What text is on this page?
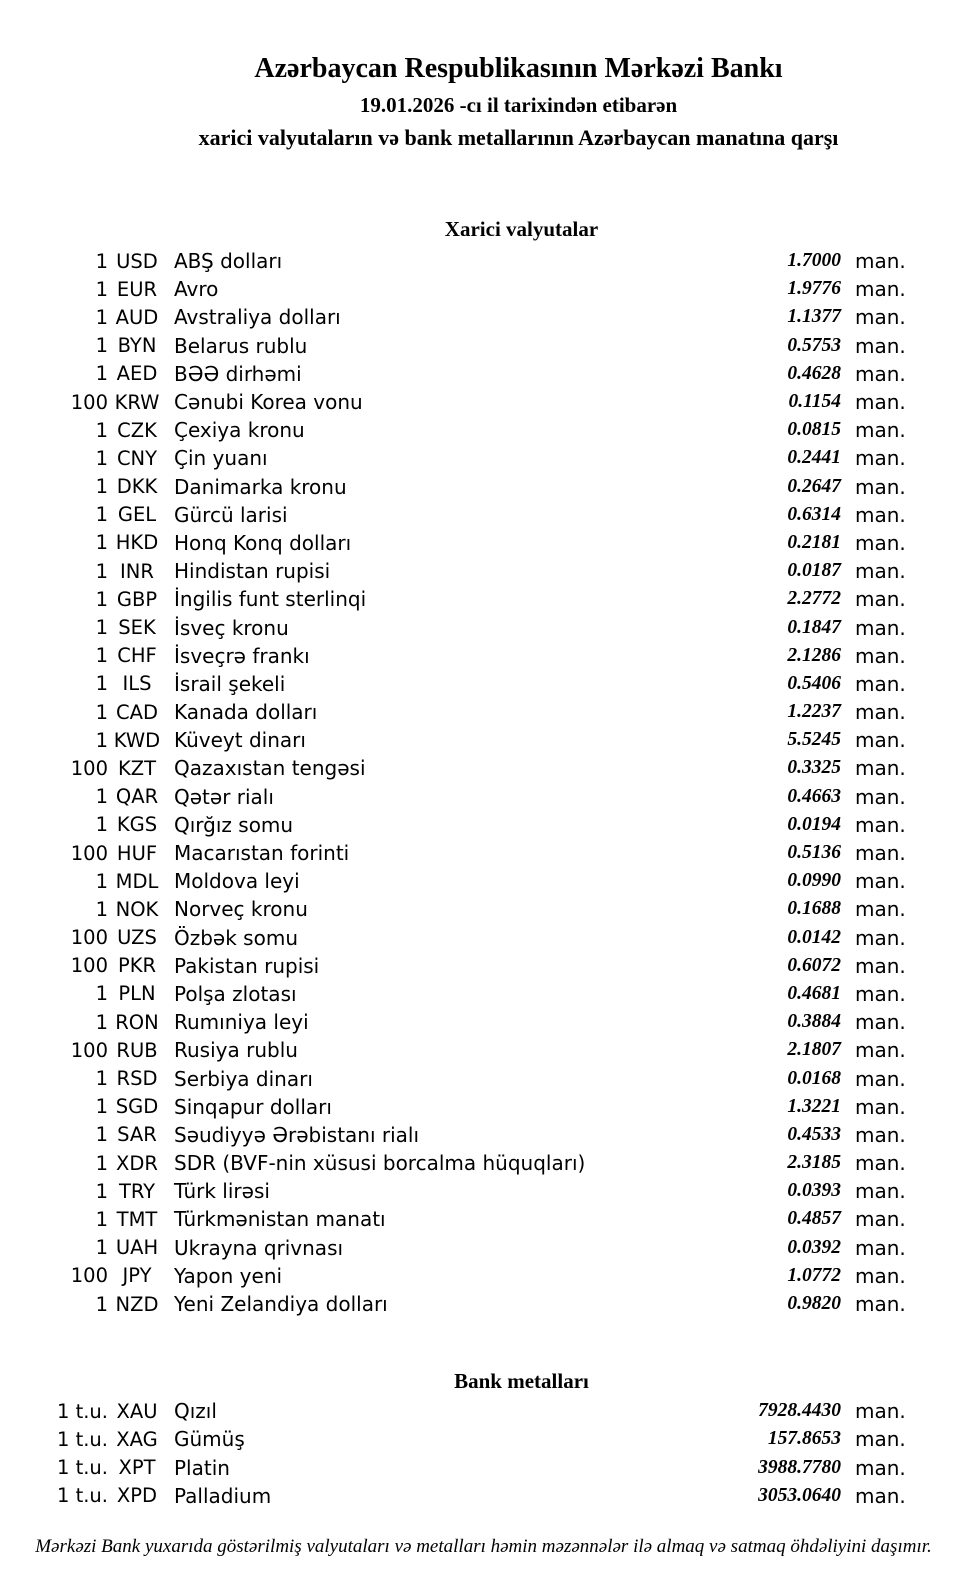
Azərbaycan Respublikasının Mərkəzi Bankı
19.01.2026 -cı il tarixindən etibarən
xarici valyutaların və bank metallarının Azərbaycan manatına qarşı
Xarici valyutalar
1 USD ABŞ dolları	1.7000 man.
1 EUR Avro	1.9776 man.
1 AUD Avstraliya dolları	1.1377 man.
1 BYN Belarus rublu	0.5753 man.
1 AED BƏƏ dirhəmi	0.4628 man.
100 KRW Cənubi Korea vonu	0.1154 man.
1 CZK Çexiya kronu	0.0815 man.
1 CNY Çin yuanı	0.2441 man.
1 DKK Danimarka kronu	0.2647 man.
1 GEL Gürcü larisi	0.6314 man.
1 HKD Honq Konq dolları	0.2181 man.
1 INR	Hindistan rupisi	0.0187 man.
1 GBP İngilis funt sterlinqi	2.2772 man.
1 SEK İsveç kronu	0.1847 man.
1 CHF İsveçrə frankı	2.1286 man.
1 ILS	İsrail şekeli	0.5406 man.
1 CAD Kanada dolları	1.2237 man.
1 KWD Küveyt dinarı	5.5245 man.
100 KZT Qazaxıstan tengəsi	0.3325 man.
1 QAR Qətər rialı	0.4663 man.
1 KGS Qırğız somu	0.0194 man.
100 HUF Macarıstan forinti	0.5136 man.
1 MDL Moldova leyi	0.0990 man.
1 NOK Norveç kronu	0.1688 man.
100 UZS Özbək somu	0.0142 man.
100 PKR Pakistan rupisi	0.6072 man.
1 PLN Polşa zlotası	0.4681 man.
1 RON Rumıniya leyi	0.3884 man.
100 RUB Rusiya rublu	2.1807 man.
1 RSD Serbiya dinarı	0.0168 man.
1 SGD Sinqapur dolları	1.3221 man.
1 SAR Səudiyyə Ərəbistanı rialı	0.4533 man.
1 XDR SDR (BVF-nin xüsusi borcalma hüquqları)	2.3185 man.
1 TRY Türk lirəsi	0.0393 man.
1 TMT Türkmənistan manatı	0.4857 man.
1 UAH Ukrayna qrivnası	0.0392 man.
100 JPY	Yapon yeni	1.0772 man.
1 NZD Yeni Zelandiya dolları	0.9820 man.
Bank metalları
1 t.u. XAU Qızıl	7928.4430 man.
1 t.u. XAG Gümüş	157.8653 man.
1 t.u. XPT Platin	3988.7780 man.
1 t.u. XPD Palladium	3053.0640 man.
Mərkəzi Bank yuxarıda göstərilmiş valyutaları və metalları həmin məzənnələr ilə almaq və satmaq öhdəliyini daşımır.
